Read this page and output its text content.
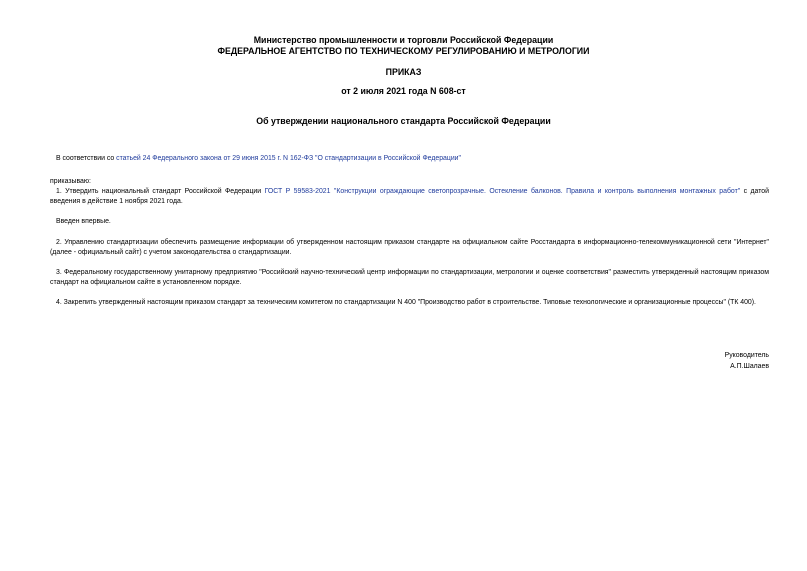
Министерство промышленности и торговли Российской Федерации
ФЕДЕРАЛЬНОЕ АГЕНТСТВО ПО ТЕХНИЧЕСКОМУ РЕГУЛИРОВАНИЮ И МЕТРОЛОГИИ
ПРИКАЗ
от 2 июля 2021 года N 608-ст
Об утверждении национального стандарта Российской Федерации
В соответствии со статьей 24 Федерального закона от 29 июня 2015 г. N 162-ФЗ "О стандартизации в Российской Федерации"
приказываю:
1. Утвердить национальный стандарт Российской Федерации ГОСТ Р 59583-2021 "Конструкции ограждающие светопрозрачные. Остекление балконов. Правила и контроль выполнения монтажных работ" с датой введения в действие 1 ноября 2021 года.
Введен впервые.
2. Управлению стандартизации обеспечить размещение информации об утвержденном настоящим приказом стандарте на официальном сайте Росстандарта в информационно-телекоммуникационной сети "Интернет" (далее - официальный сайт) с учетом законодательства о стандартизации.
3. Федеральному государственному унитарному предприятию "Российский научно-технический центр информации по стандартизации, метрологии и оценке соответствия" разместить утвержденный настоящим приказом стандарт на официальном сайте в установленном порядке.
4. Закрепить утвержденный настоящим приказом стандарт за техническим комитетом по стандартизации N 400 "Производство работ в строительстве. Типовые технологические и организационные процессы" (ТК 400).
Руководитель
А.П.Шалаев
